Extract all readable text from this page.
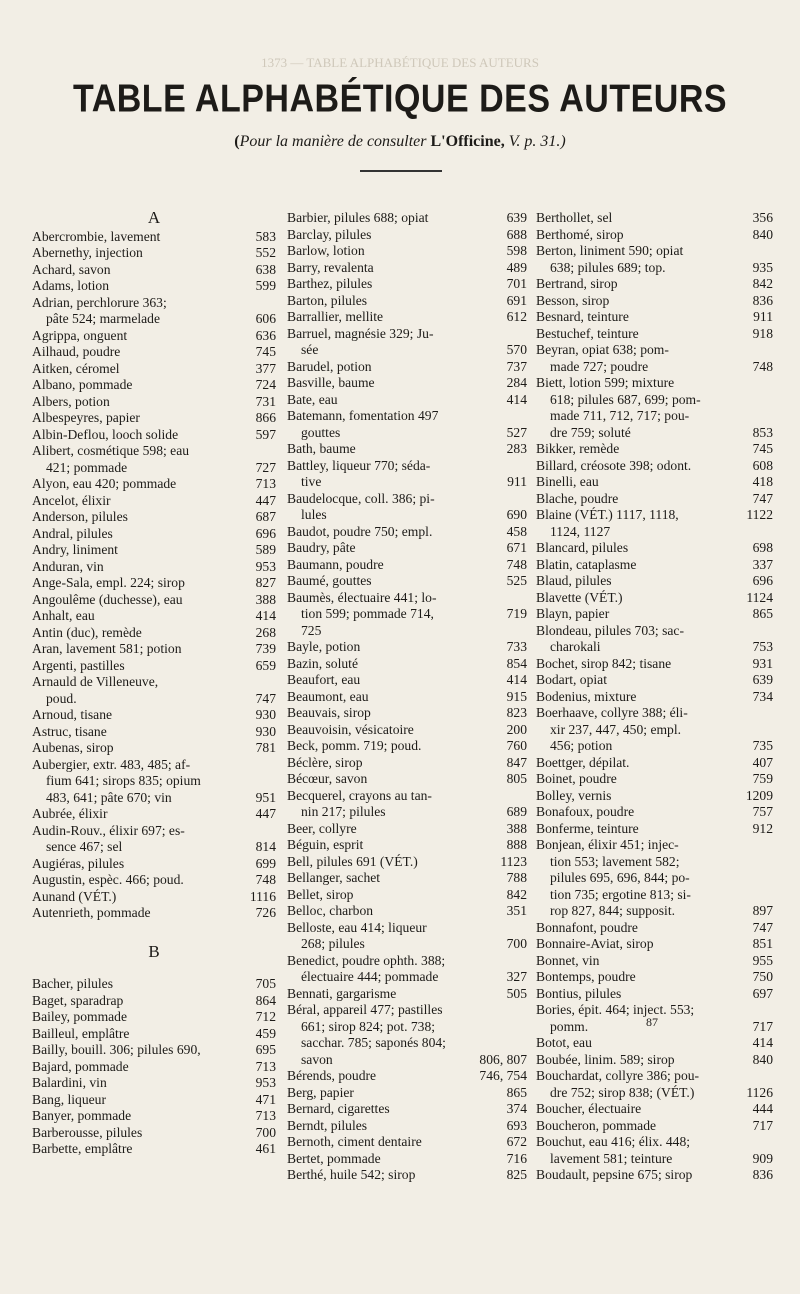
1373 — TABLE ALPHABÉTIQUE DES AUTEURS
TABLE ALPHABÉTIQUE DES AUTEURS
(Pour la manière de consulter L'Officine, V. p. 31.)
A
Abercrombie, lavement	583
Abernethy, injection	552
Achard, savon	638
Adams, lotion	599
Adrian, perchlorure 363;
pâte 524; marmelade	606
Agrippa, onguent	636
Ailhaud, poudre	745
Aitken, céromel	377
Albano, pommade	724
Albers, potion	731
Albespeyres, papier	866
Albin-Deflou, looch solide	597
Alibert, cosmétique 598; eau
421; pommade	727
Alyon, eau 420; pommade	713
Ancelot, élixir	447
Anderson, pilules	687
Andral, pilules	696
Andry, liniment	589
Anduran, vin	953
Ange-Sala, empl. 224; sirop	827
Angoulême (duchesse), eau	388
Anhalt, eau	414
Antin (duc), remède	268
Aran, lavement 581; potion	739
Argenti, pastilles	659
Arnauld de Villeneuve,
poud.	747
Arnoud, tisane	930
Astruc, tisane	930
Aubenas, sirop	781
Aubergier, extr. 483, 485; af-
fium 641; sirops 835; opium
483, 641; pâte 670; vin	951
Aubrée, élixir	447
Audin-Rouv., élixir 697; es-
sence 467; sel	814
Augiéras, pilules	699
Augustin, espèc. 466; poud.	748
Aunand (VÉT.)	1116
Autenrieth, pommade	726
B
Bacher, pilules	705
Baget, sparadrap	864
Bailey, pommade	712
Bailleul, emplâtre	459
Bailly, bouill. 306; pilules 690,	695
Bajard, pommade	713
Balardini, vin	953
Bang, liqueur	471
Banyer, pommade	713
Barberousse, pilules	700
Barbette, emplâtre	461
Barbier, pilules 688; opiat	639
Barclay, pilules	688
Barlow, lotion	598
Barry, revalenta	489
Barthez, pilules	701
Barton, pilules	691
Barrallier, mellite	612
Barruel, magnésie 329; Ju-
sée	570
Barudel, potion	737
Basville, baume	284
Bate, eau	414
Batemann, fomentation 497
gouttes	527
Bath, baume	283
Battley, liqueur 770; séda-
tive	911
Baudelocque, coll. 386; pi-
lules	690
Baudot, poudre 750; empl.	458
Baudry, pâte	671
Baumann, poudre	748
Baumé, gouttes	525
Baumès, électuaire 441; lo-
tion 599; pommade 714,	719
725
Bayle, potion	733
Bazin, soluté	854
Beaufort, eau	414
Beaumont, eau	915
Beauvais, sirop	823
Beauvoisin, vésicatoire	200
Beck, pomm. 719; poud.	760
Béclère, sirop	847
Bécœur, savon	805
Becquerel, crayons au tan-
nin 217; pilules	689
Beer, collyre	388
Béguin, esprit	888
Bell, pilules 691 (VÉT.)	1123
Bellanger, sachet	788
Bellet, sirop	842
Belloc, charbon	351
Belloste, eau 414; liqueur
268; pilules	700
Benedict, poudre ophth. 388;
électuaire 444; pommade	327
Bennati, gargarisme	505
Béral, appareil 477; pastilles
661; sirop 824; pot. 738;
sacchar. 785; saponés 804;
savon	806, 807
Bérends, poudre	746, 754
Berg, papier	865
Bernard, cigarettes	374
Berndt, pilules	693
Bernoth, ciment dentaire	672
Bertet, pommade	716
Berthé, huile 542; sirop	825
Berthollet, sel	356
Berthomé, sirop	840
Berton, liniment 590; opiat
638; pilules 689; top.	935
Bertrand, sirop	842
Besson, sirop	836
Besnard, teinture	911
Bestuchef, teinture	918
Beyran, opiat 638; pom-
made 727; poudre	748
Biett, lotion 599; mixture
618; pilules 687, 699; pom-
made 711, 712, 717; pou-
dre 759; soluté	853
Bikker, remède	745
Billard, créosote 398; odont.	608
Binelli, eau	418
Blache, poudre	747
Blaine (VÉT.) 1117, 1118,	1122
1124, 1127
Blancard, pilules	698
Blatin, cataplasme	337
Blaud, pilules	696
Blavette (VÉT.)	1124
Blayn, papier	865
Blondeau, pilules 703; sac-
charokali	753
Bochet, sirop 842; tisane	931
Bodart, opiat	639
Bodenius, mixture	734
Boerhaave, collyre 388; éli-
xir 237, 447, 450; empl.
456; potion	735
Boettger, dépilat.	407
Boinet, poudre	759
Bolley, vernis	1209
Bonafoux, poudre	757
Bonferme, teinture	912
Bonjean, élixir 451; injec-
tion 553; lavement 582;
pilules 695, 696, 844; po-
tion 735; ergotine 813; si-
rop 827, 844; supposit.	897
Bonnafont, poudre	747
Bonnaire-Aviat, sirop	851
Bonnet, vin	955
Bontemps, poudre	750
Bontius, pilules	697
Bories, épit. 464; inject. 553;
pomm.	717
Botot, eau	414
Boubée, linim. 589; sirop	840
Bouchardat, collyre 386; pou-
dre 752; sirop 838; (VÉT.)	1126
Boucher, électuaire	444
Boucheron, pommade	717
Bouchut, eau 416; élix. 448;
lavement 581; teinture	909
Boudault, pepsine 675; sirop	836
87
